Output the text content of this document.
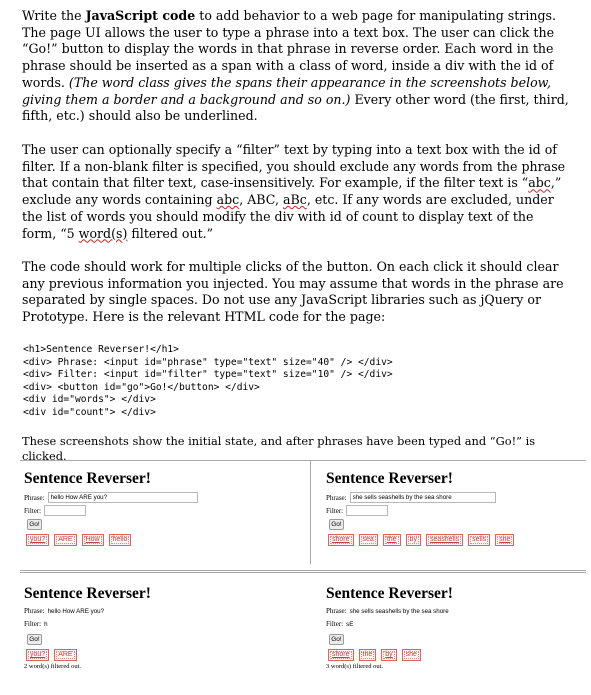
Write the JavaScript code to add behavior to a web page for manipulating strings. The page UI allows the user to type a phrase into a text box. The user can click the “Go!” button to display the words in that phrase in reverse order. Each word in the phrase should be inserted as a span with a class of word, inside a div with the id of words. (The word class gives the spans their appearance in the screenshots below, giving them a border and a background and so on.) Every other word (the first, third, fifth, etc.) should also be underlined.

The user can optionally specify a “filter” text by typing into a text box with the id of filter. If a non-blank filter is specified, you should exclude any words from the phrase that contain that filter text, case-insensitively. For example, if the filter text is “abc,” exclude any words containing abc, ABC, aBc, etc. If any words are excluded, under the list of words you should modify the div with id of count to display text of the form, “5 word(s) filtered out.”

The code should work for multiple clicks of the button. On each click it should clear any previous information you injected. You may assume that words in the phrase are separated by single spaces. Do not use any JavaScript libraries such as jQuery or Prototype. Here is the relevant HTML code for the page:

<h1>Sentence Reverser!</h1>
<div> Phrase: <input id="phrase" type="text" size="40" /> </div>
<div> Filter: <input id="filter" type="text" size="10" /> </div>
<div> <button id="go">Go!</button> </div>
<div id="words"> </div>
<div id="count"> </div>

These screenshots show the initial state, and after phrases have been typed and “Go!” is clicked.

Sentence Reverser!
Phrase: hello How ARE you?
Filter:
Go!
you?	ARE	How	hello
Sentence Reverser!
Phrase: she sells seashells by the sea shore
Filter:
Go!
shore	sea	the	by	seashells	sells	she
Sentence Reverser!
Phrase: hello How ARE you?
Filter: h
Go!
you?	ARE
2 word(s) filtered out.
Sentence Reverser!
Phrase: she sells seashells by the sea shore
Filter: sE
Go!
shore	the	by	she
3 word(s) filtered out.
